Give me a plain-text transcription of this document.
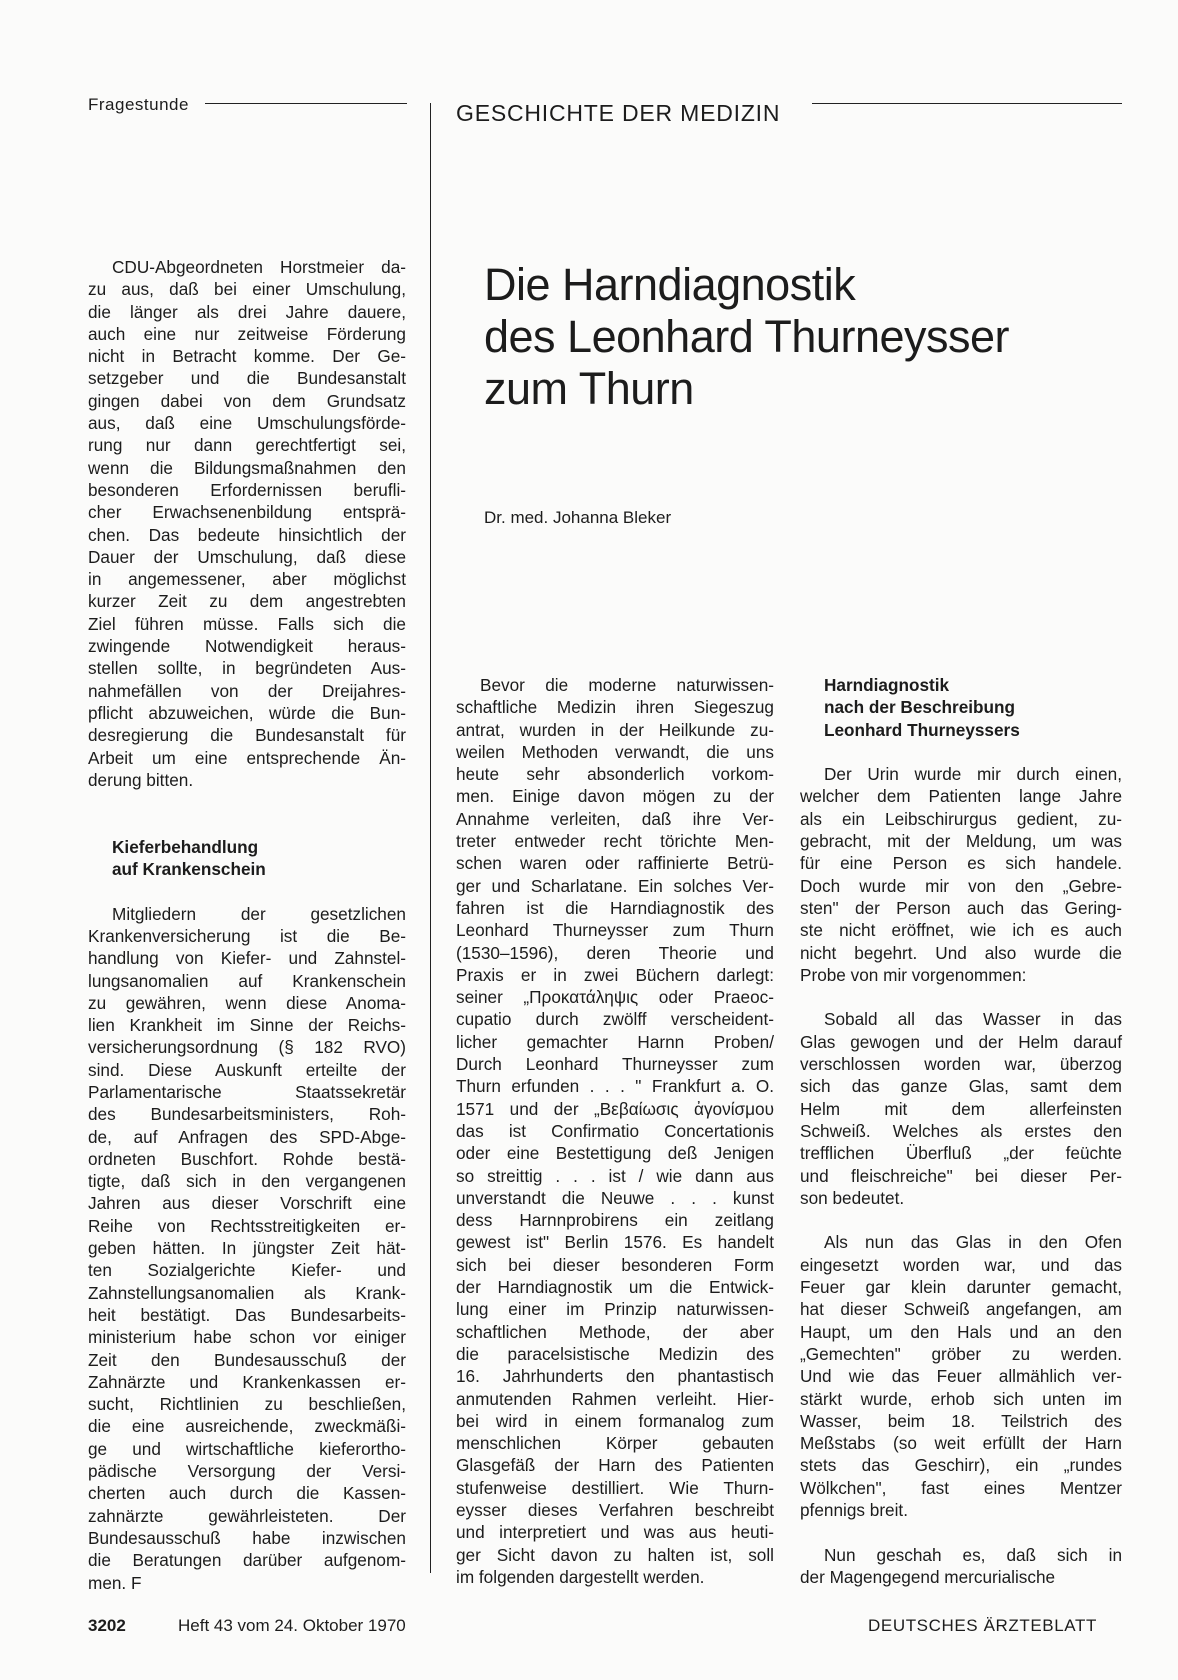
Fragestunde	GESCHICHTE DER MEDIZIN
Die Harndiagnostik
des Leonhard Thurneysser
zum Thurn
Dr. med. Johanna Bleker
CDU-Abgeordneten Horstmeier da-
zu aus, daß bei einer Umschulung,
die länger als drei Jahre dauere,
auch eine nur zeitweise Förderung
nicht in Betracht komme. Der Ge-
setzgeber und die Bundesanstalt
gingen dabei von dem Grundsatz
aus, daß eine Umschulungsförde-
rung nur dann gerechtfertigt sei,
wenn die Bildungsmaßnahmen den
besonderen Erfordernissen berufli-
cher Erwachsenenbildung entsprä-
chen. Das bedeute hinsichtlich der
Dauer der Umschulung, daß diese
in angemessener, aber möglichst
kurzer Zeit zu dem angestrebten
Ziel führen müsse. Falls sich die
zwingende Notwendigkeit heraus-
stellen sollte, in begründeten Aus-
nahmefällen von der Dreijahres-
pflicht abzuweichen, würde die Bun-
desregierung die Bundesanstalt für
Arbeit um eine entsprechende Än-
derung bitten.
Kieferbehandlung
auf Krankenschein
Mitgliedern der gesetzlichen
Krankenversicherung ist die Be-
handlung von Kiefer- und Zahnstel-
lungsanomalien auf Krankenschein
zu gewähren, wenn diese Anoma-
lien Krankheit im Sinne der Reichs-
versicherungsordnung (§ 182 RVO)
sind. Diese Auskunft erteilte der
Parlamentarische Staatssekretär
des Bundesarbeitsministers, Roh-
de, auf Anfragen des SPD-Abge-
ordneten Buschfort. Rohde bestä-
tigte, daß sich in den vergangenen
Jahren aus dieser Vorschrift eine
Reihe von Rechtsstreitigkeiten er-
geben hätten. In jüngster Zeit hät-
ten Sozialgerichte Kiefer- und
Zahnstellungsanomalien als Krank-
heit bestätigt. Das Bundesarbeits-
ministerium habe schon vor einiger
Zeit den Bundesausschuß der
Zahnärzte und Krankenkassen er-
sucht, Richtlinien zu beschließen,
die eine ausreichende, zweckmäßi-
ge und wirtschaftliche kieferortho-
pädische Versorgung der Versi-
cherten auch durch die Kassen-
zahnärzte gewährleisteten. Der
Bundesausschuß habe inzwischen
die Beratungen darüber aufgenom-
men. F
Bevor die moderne naturwissen-
schaftliche Medizin ihren Siegeszug
antrat, wurden in der Heilkunde zu-
weilen Methoden verwandt, die uns
heute sehr absonderlich vorkom-
men. Einige davon mögen zu der
Annahme verleiten, daß ihre Ver-
treter entweder recht törichte Men-
schen waren oder raffinierte Betrü-
ger und Scharlatane. Ein solches Ver-
fahren ist die Harndiagnostik des
Leonhard Thurneysser zum Thurn
(1530–1596), deren Theorie und
Praxis er in zwei Büchern darlegt:
seiner „Προκατάληψις oder Praeoc-
cupatio durch zwölff verscheident-
licher gemachter Harnn Proben/
Durch Leonhard Thurneysser zum
Thurn erfunden . . . " Frankfurt a. O.
1571 und der „Βεβαίωσις ἀγονίσμου
das ist Confirmatio Concertationis
oder eine Bestettigung deß Jenigen
so streittig . . . ist / wie dann aus
unverstandt die Neuwe . . . kunst
dess Harnnprobirens ein zeitlang
gewest ist" Berlin 1576. Es handelt
sich bei dieser besonderen Form
der Harndiagnostik um die Entwick-
lung einer im Prinzip naturwissen-
schaftlichen Methode, der aber
die paracelsistische Medizin des
16. Jahrhunderts den phantastisch
anmutenden Rahmen verleiht. Hier-
bei wird in einem formanalog zum
menschlichen Körper gebauten
Glasgefäß der Harn des Patienten
stufenweise destilliert. Wie Thurn-
eysser dieses Verfahren beschreibt
und interpretiert und was aus heuti-
ger Sicht davon zu halten ist, soll
im folgenden dargestellt werden.
Harndiagnostik
nach der Beschreibung
Leonhard Thurneyssers
Der Urin wurde mir durch einen,
welcher dem Patienten lange Jahre
als ein Leibschirurgus gedient, zu-
gebracht, mit der Meldung, um was
für eine Person es sich handele.
Doch wurde mir von den „Gebre-
sten" der Person auch das Gering-
ste nicht eröffnet, wie ich es auch
nicht begehrt. Und also wurde die
Probe von mir vorgenommen:
Sobald all das Wasser in das
Glas gewogen und der Helm darauf
verschlossen worden war, überzog
sich das ganze Glas, samt dem
Helm mit dem allerfeinsten
Schweiß. Welches als erstes den
trefflichen Überfluß „der feüchte
und fleischreiche" bei dieser Per-
son bedeutet.
Als nun das Glas in den Ofen
eingesetzt worden war, und das
Feuer gar klein darunter gemacht,
hat dieser Schweiß angefangen, am
Haupt, um den Hals und an den
„Gemechten" gröber zu werden.
Und wie das Feuer allmählich ver-
stärkt wurde, erhob sich unten im
Wasser, beim 18. Teilstrich des
Meßstabs (so weit erfüllt der Harn
stets das Geschirr), ein „rundes
Wölkchen", fast eines Mentzer
pfennigs breit.
Nun geschah es, daß sich in
der Magengegend mercurialische
3202	Heft 43 vom 24. Oktober 1970	DEUTSCHES ÄRZTEBLATT
